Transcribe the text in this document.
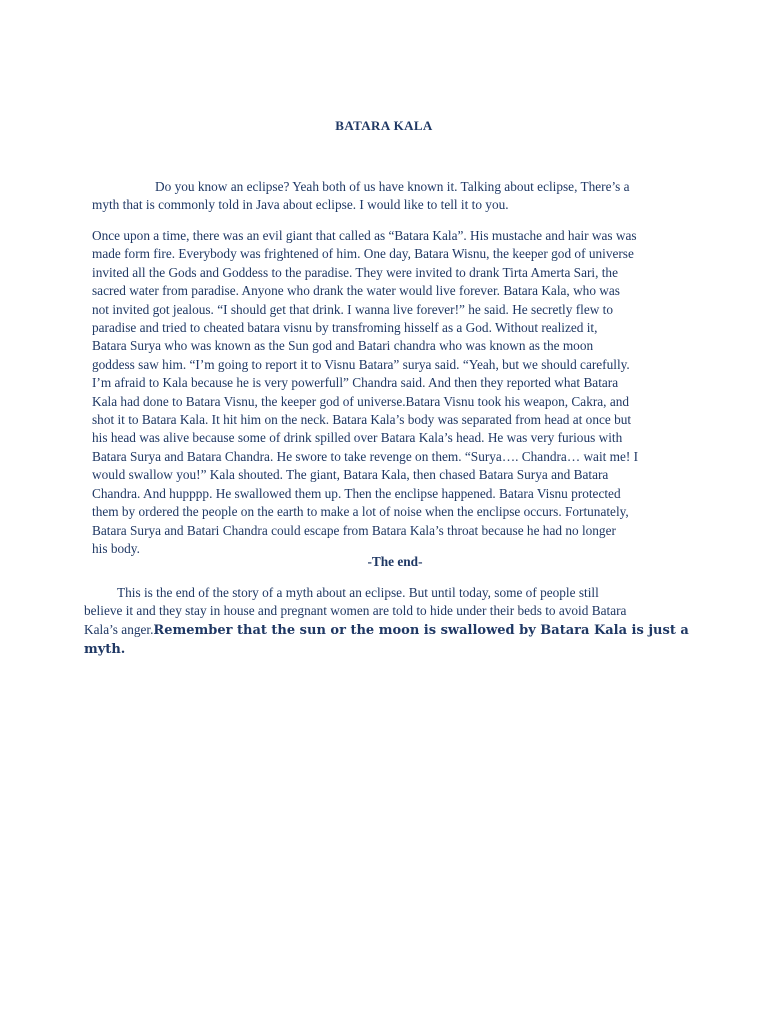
BATARA KALA

Do you know an eclipse? Yeah both of us have known it. Talking about eclipse, There’s a
myth that is commonly told in Java about eclipse. I would like to tell it to you.

Once upon a time, there was an evil giant that called as “Batara Kala”. His mustache and hair was was
made form fire. Everybody was frightened of him. One day, Batara Wisnu, the keeper god of universe
invited all the Gods and Goddess to the paradise. They were invited to drank Tirta Amerta Sari, the
sacred water from paradise. Anyone who drank the water would live forever. Batara Kala, who was
not invited got jealous. “I should get that drink. I wanna live forever!” he said. He secretly flew to
paradise and tried to cheated batara visnu by transfroming hisself as a God. Without realized it,
Batara Surya who was known as the Sun god and Batari chandra who was known as the moon
goddess saw him. “I’m going to report it to Visnu Batara” surya said. “Yeah, but we should carefully.
I’m afraid to Kala because he is very powerfull” Chandra said. And then they reported what Batara
Kala had done to Batara Visnu, the keeper god of universe.Batara Visnu took his weapon, Cakra, and
shot it to Batara Kala. It hit him on the neck. Batara Kala’s body was separated from head at once but
his head was alive because some of drink spilled over Batara Kala’s head. He was very furious with
Batara Surya and Batara Chandra. He swore to take revenge on them. “Surya…. Chandra… wait me! I
would swallow you!” Kala shouted. The giant, Batara Kala, then chased Batara Surya and Batara
Chandra. And hupppp. He swallowed them up. Then the enclipse happened. Batara Visnu protected
them by ordered the people on the earth to make a lot of noise when the enclipse occurs. Fortunately,
Batara Surya and Batari Chandra could escape from Batara Kala’s throat because he had no longer
his body.

-The end-

This is the end of the story of a myth about an eclipse. But until today, some of people still
believe it and they stay in house and pregnant women are told to hide under their beds to avoid Batara
Kala’s anger.Remember that the sun or the moon is swallowed by Batara Kala is just a
myth.
